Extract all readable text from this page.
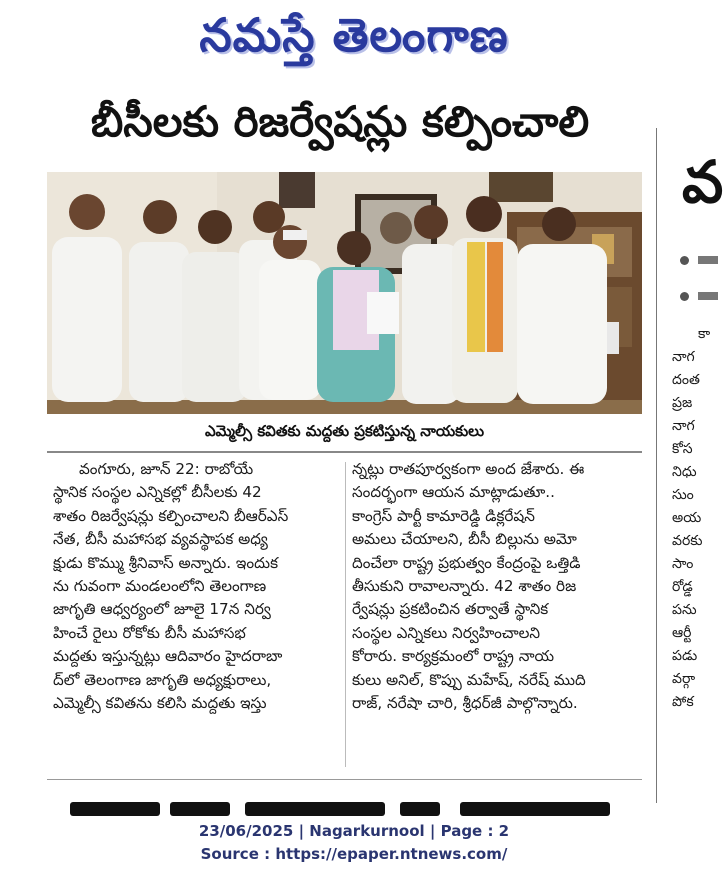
నమస్తే తెలంగాణ
బీసీలకు రిజర్వేషన్లు కల్పించాలి
ఎమ్మెల్సీ కవితకు మద్దతు ప్రకటిస్తున్న నాయకులు
వంగూరు, జూన్ 22: రాబోయే
స్థానిక సంస్థల ఎన్నికల్లో బీసీలకు 42
శాతం రిజర్వేషన్లు కల్పించాలని బీఆర్ఎస్
నేత, బీసీ మహాసభ వ్యవస్థాపక అధ్య
క్షుడు కొమ్ము శ్రీనివాస్ అన్నారు. ఇందుక
ను గువంగా మండలంలోని తెలంగాణ
జాగృతి ఆధ్వర్యంలో జూలై 17న నిర్వ
హించే రైలు రోకోకు బీసీ మహాసభ
మద్దతు ఇస్తున్నట్లు ఆదివారం హైదరాబా
ద్‌లో తెలంగాణ జాగృతి అధ్యక్షురాలు,
ఎమ్మెల్సీ కవితను కలిసి మద్దతు ఇస్తు
న్నట్లు రాతపూర్వకంగా అంద జేశారు. ఈ
సందర్భంగా ఆయన మాట్లాడుతూ..
కాంగ్రెస్ పార్టీ కామారెడ్డి డిక్లరేషన్
అమలు చేయాలని, బీసీ బిల్లును అమో
దించేలా రాష్ట్ర ప్రభుత్వం కేంద్రంపై ఒత్తిడి
తీసుకుని రావాలన్నారు. 42 శాతం రిజ
ర్వేషన్లు ప్రకటించిన తర్వాతే స్థానిక
సంస్థల ఎన్నికలు నిర్వహించాలని
కోరారు. కార్యక్రమంలో రాష్ట్ర నాయ
కులు అనిల్, కొప్పు మహేష్, నరేష్ ముది
రాజ్, నరేషా చారి, శ్రీధర్‌జీ పాల్గొన్నారు.
వ
కా
నాగ
దంత
ప్రజ
నాగ
కోస
నిధు
సుం
అయ
వరకు
సాం
రోడ్డ
పను
ఆర్టీ
పడు
వర్గా
పోక
23/06/2025 | Nagarkurnool | Page : 2
Source : https://epaper.ntnews.com/
